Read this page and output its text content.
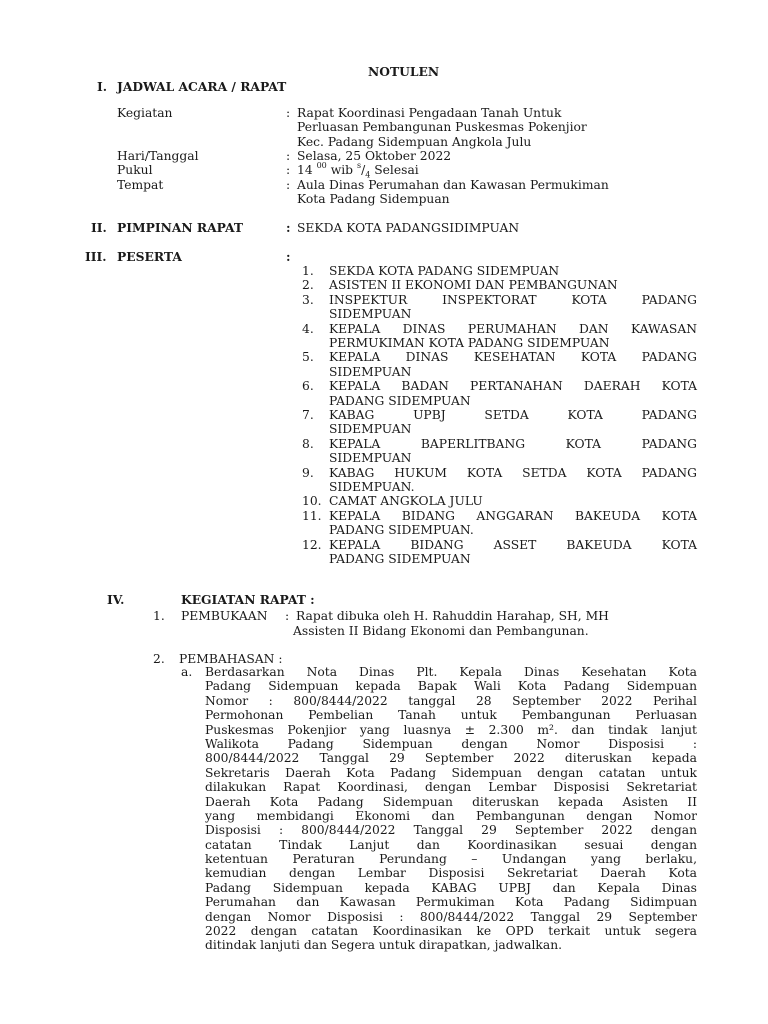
NOTULEN
I. JADWAL ACARA / RAPAT
Kegiatan	: Rapat Koordinasi Pengadaan Tanah Untuk
Perluasan Pembangunan Puskesmas Pokenjior
Kec. Padang Sidempuan Angkola Julu
Hari/Tanggal	: Selasa, 25 Oktober 2022
Pukul	: 14 $^{00}$ wib $^s/_4$ Selesai
Tempat	: Aula Dinas Perumahan dan Kawasan Permukiman
Kota Padang Sidempuan
II. PIMPINAN RAPAT	: SEKDA KOTA PADANGSIDIMPUAN
III. PESERTA	:
1. SEKDA KOTA PADANG SIDEMPUAN
2. ASISTEN II EKONOMI DAN PEMBANGUNAN
3. INSPEKTUR INSPEKTORAT KOTA PADANG
SIDEMPUAN
4. KEPALA DINAS PERUMAHAN DAN KAWASAN
PERMUKIMAN KOTA PADANG SIDEMPUAN
5. KEPALA DINAS KESEHATAN KOTA PADANG
SIDEMPUAN
6. KEPALA BADAN PERTANAHAN DAERAH KOTA
PADANG SIDEMPUAN
7. KABAG UPBJ SETDA KOTA PADANG
SIDEMPUAN
8. KEPALA BAPERLITBANG KOTA PADANG
SIDEMPUAN
9. KABAG HUKUM KOTA SETDA KOTA PADANG
SIDEMPUAN.
10. CAMAT ANGKOLA JULU
11. KEPALA BIDANG ANGGARAN BAKEUDA KOTA
PADANG SIDEMPUAN.
12. KEPALA BIDANG ASSET BAKEUDA KOTA
PADANG SIDEMPUAN
IV.	KEGIATAN RAPAT :
1. PEMBUKAAN : Rapat dibuka oleh H. Rahuddin Harahap, SH, MH
Assisten II Bidang Ekonomi dan Pembangunan.
2. PEMBAHASAN :
a. Berdasarkan Nota Dinas Plt. Kepala Dinas Kesehatan Kota
Padang Sidempuan kepada Bapak Wali Kota Padang Sidempuan
Nomor : 800/8444/2022 tanggal 28 September 2022 Perihal
Permohonan Pembelian Tanah untuk Pembangunan Perluasan
Puskesmas Pokenjior yang luasnya ± 2.300 m². dan tindak lanjut
Walikota Padang Sidempuan dengan Nomor Disposisi :
800/8444/2022 Tanggal 29 September 2022 diteruskan kepada
Sekretaris Daerah Kota Padang Sidempuan dengan catatan untuk
dilakukan Rapat Koordinasi, dengan Lembar Disposisi Sekretariat
Daerah Kota Padang Sidempuan diteruskan kepada Asisten II
yang membidangi Ekonomi dan Pembangunan dengan Nomor
Disposisi : 800/8444/2022 Tanggal 29 September 2022 dengan
catatan Tindak Lanjut dan Koordinasikan sesuai dengan
ketentuan Peraturan Perundang – Undangan yang berlaku,
kemudian dengan Lembar Disposisi Sekretariat Daerah Kota
Padang Sidempuan kepada KABAG UPBJ dan Kepala Dinas
Perumahan dan Kawasan Permukiman Kota Padang Sidimpuan
dengan Nomor Disposisi : 800/8444/2022 Tanggal 29 September
2022 dengan catatan Koordinasikan ke OPD terkait untuk segera
ditindak lanjuti dan Segera untuk dirapatkan, jadwalkan.
